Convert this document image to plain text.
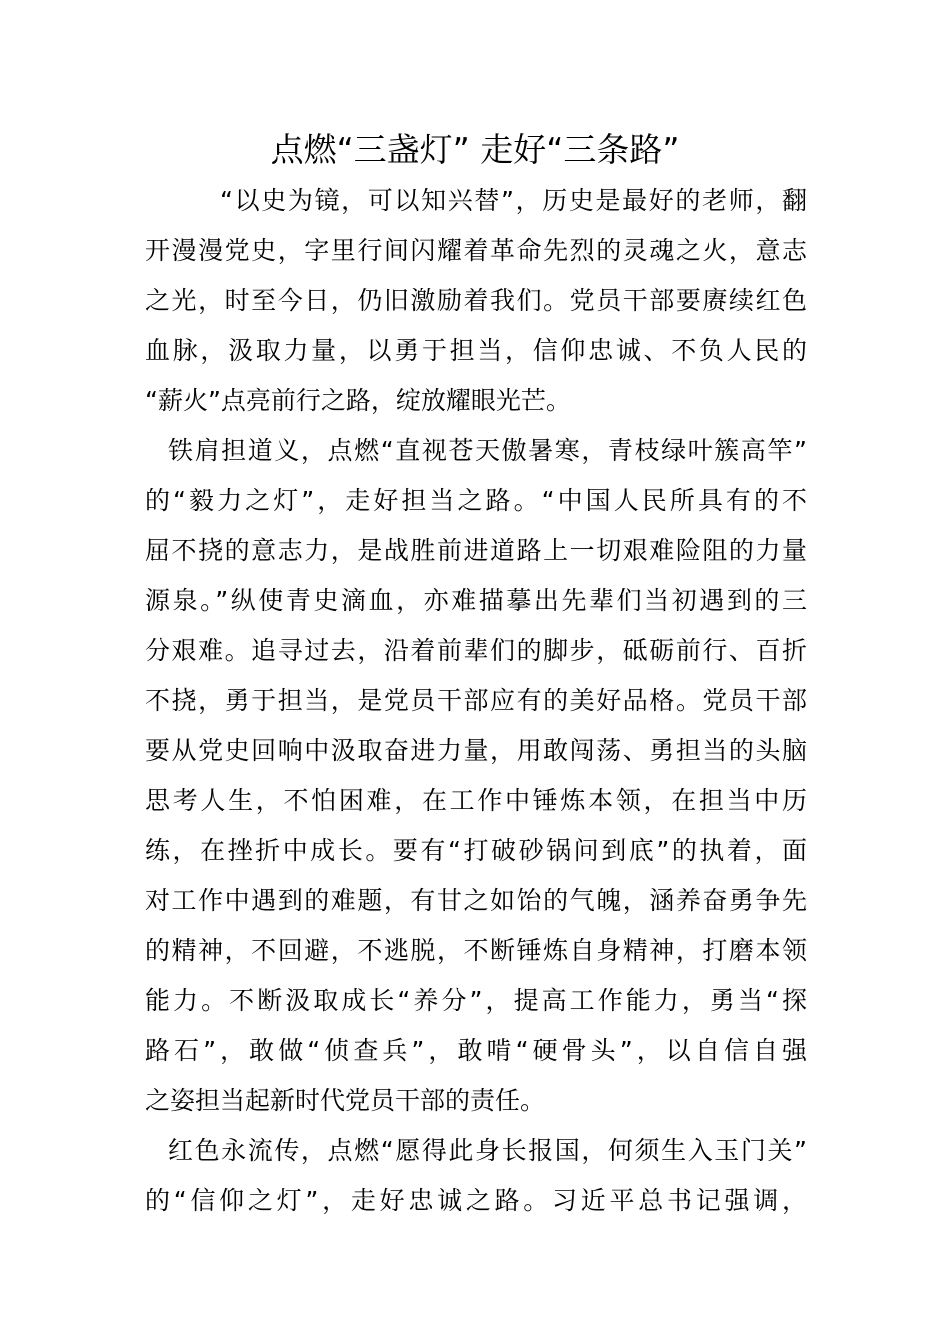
点燃“三盏灯” 走好“三条路”
“以史为镜，可以知兴替”，历史是最好的老师，翻
开漫漫党史，字里行间闪耀着革命先烈的灵魂之火，意志
之光，时至今日，仍旧激励着我们。党员干部要赓续红色
血脉，汲取力量，以勇于担当，信仰忠诚、不负人民的
“薪火”点亮前行之路，绽放耀眼光芒。
铁肩担道义，点燃“直视苍天傲暑寒，青枝绿叶簇高竿”
的“毅力之灯”，走好担当之路。“中国人民所具有的不
屈不挠的意志力，是战胜前进道路上一切艰难险阻的力量
源泉。”纵使青史滴血，亦难描摹出先辈们当初遇到的三
分艰难。追寻过去，沿着前辈们的脚步，砥砺前行、百折
不挠，勇于担当，是党员干部应有的美好品格。党员干部
要从党史回响中汲取奋进力量，用敢闯荡、勇担当的头脑
思考人生，不怕困难，在工作中锤炼本领，在担当中历
练，在挫折中成长。要有“打破砂锅问到底”的执着，面
对工作中遇到的难题，有甘之如饴的气魄，涵养奋勇争先
的精神，不回避，不逃脱，不断锤炼自身精神，打磨本领
能力。不断汲取成长“养分”，提高工作能力，勇当“探
路石”，敢做“侦查兵”，敢啃“硬骨头”，以自信自强
之姿担当起新时代党员干部的责任。
红色永流传，点燃“愿得此身长报国，何须生入玉门关”
的“信仰之灯”，走好忠诚之路。习近平总书记强调，
